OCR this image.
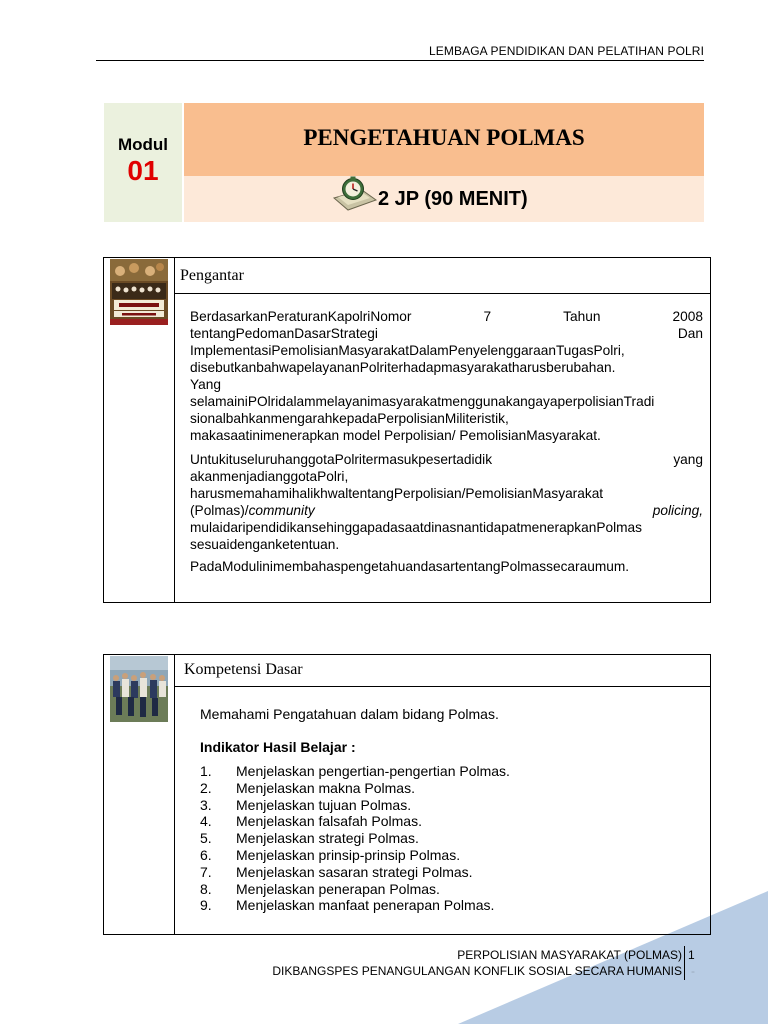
LEMBAGA PENDIDIKAN DAN PELATIHAN POLRI
Modul
01
PENGETAHUAN POLMAS
2 JP (90 MENIT)
Pengantar
BerdasarkanPeraturanKapolriNomor	7	Tahun	2008
tentangPedomanDasarStrategi	Dan
ImplementasiPemolisianMasyarakatDalamPenyelenggaraanTugasPolri,
disebutkanbahwapelayananPolriterhadapmasyarakatharusberubahan.
Yang
selamainiPOlridalammelayanimasyarakatmenggunakangayaperpolisianTradi
sionalbahkanmengarahkepadaPerpolisianMiliteristik,
makasaatinimenerapkan model Perpolisian/ PemolisianMasyarakat.
UntukituseluruhanggotaPolritermasukpesertadidik	yang
akanmenjadianggotaPolri,
harusmemahamihalikhwaltentangPerpolisian/PemolisianMasyarakat
(Polmas)/community	policing,
mulaidaripendidikansehinggapadasaatdinasnantidapatmenerapkanPolmas
sesuaidenganketentuan.
PadaModulinimembahaspengetahuandasartentangPolmassecaraumum.
Kompetensi Dasar
Memahami Pengatahuan dalam bidang Polmas.
Indikator Hasil Belajar :
1.	Menjelaskan pengertian-pengertian Polmas.
2.	Menjelaskan makna Polmas.
3.	Menjelaskan tujuan Polmas.
4.	Menjelaskan falsafah Polmas.
5.	Menjelaskan strategi Polmas.
6.	Menjelaskan prinsip-prinsip Polmas.
7.	Menjelaskan sasaran strategi Polmas.
8.	Menjelaskan penerapan Polmas.
9.	Menjelaskan manfaat penerapan Polmas.
PERPOLISIAN MASYARAKAT (POLMAS)
DIKBANGSPES PENANGULANGAN KONFLIK SOSIAL SECARA HUMANIS
1
-
